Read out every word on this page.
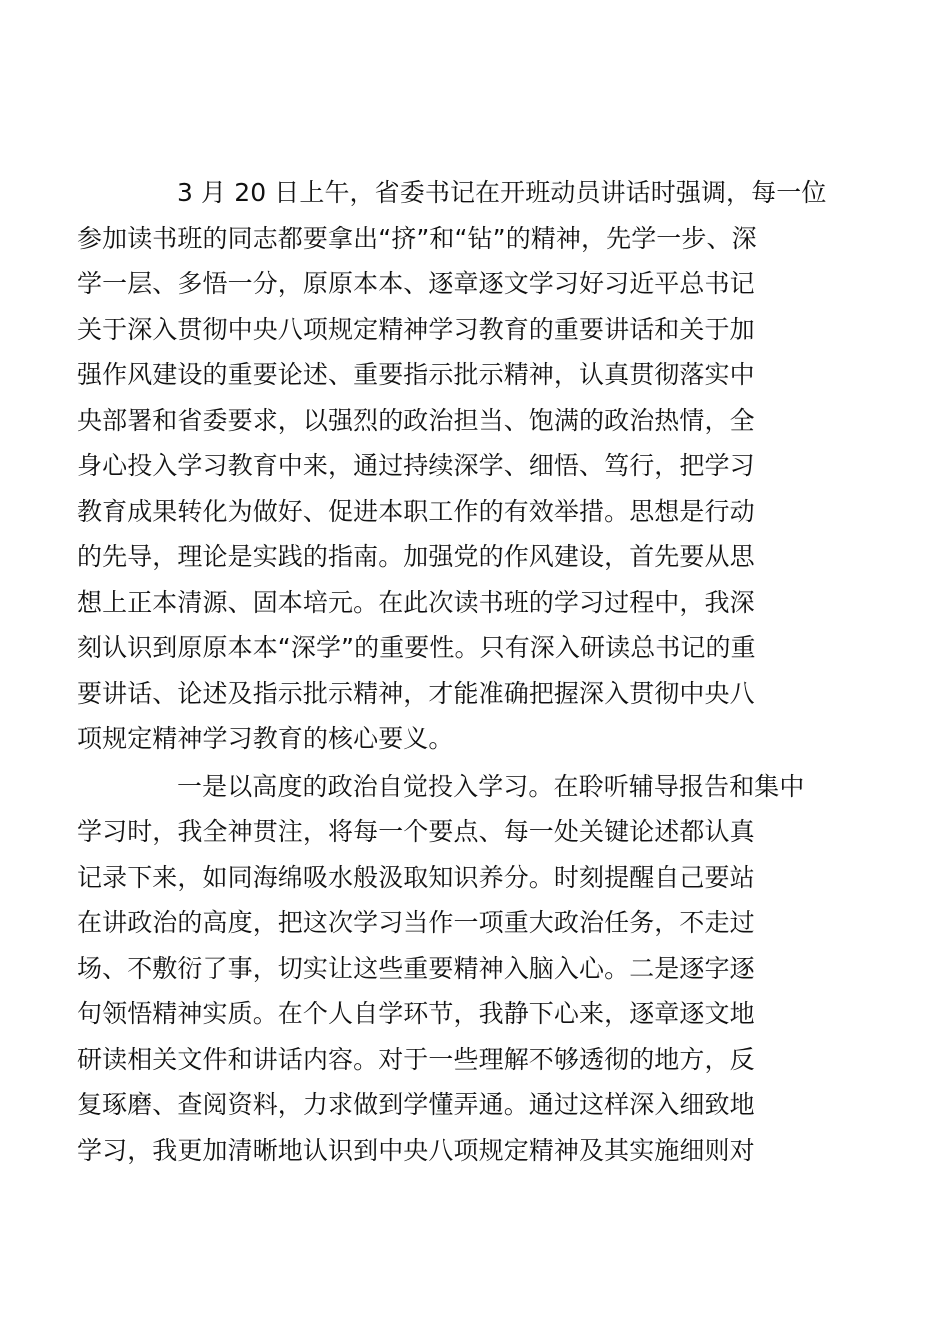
3 月 20 日上午，省委书记在开班动员讲话时强调，每一位
参加读书班的同志都要拿出“挤”和“钻”的精神，先学一步、深
学一层、多悟一分，原原本本、逐章逐文学习好习近平总书记
关于深入贯彻中央八项规定精神学习教育的重要讲话和关于加
强作风建设的重要论述、重要指示批示精神，认真贯彻落实中
央部署和省委要求，以强烈的政治担当、饱满的政治热情，全
身心投入学习教育中来，通过持续深学、细悟、笃行，把学习
教育成果转化为做好、促进本职工作的有效举措。思想是行动
的先导，理论是实践的指南。加强党的作风建设，首先要从思
想上正本清源、固本培元。在此次读书班的学习过程中，我深
刻认识到原原本本“深学”的重要性。只有深入研读总书记的重
要讲话、论述及指示批示精神，才能准确把握深入贯彻中央八
项规定精神学习教育的核心要义。
一是以高度的政治自觉投入学习。在聆听辅导报告和集中
学习时，我全神贯注，将每一个要点、每一处关键论述都认真
记录下来，如同海绵吸水般汲取知识养分。时刻提醒自己要站
在讲政治的高度，把这次学习当作一项重大政治任务，不走过
场、不敷衍了事，切实让这些重要精神入脑入心。二是逐字逐
句领悟精神实质。在个人自学环节，我静下心来，逐章逐文地
研读相关文件和讲话内容。对于一些理解不够透彻的地方，反
复琢磨、查阅资料，力求做到学懂弄通。通过这样深入细致地
学习，我更加清晰地认识到中央八项规定精神及其实施细则对
